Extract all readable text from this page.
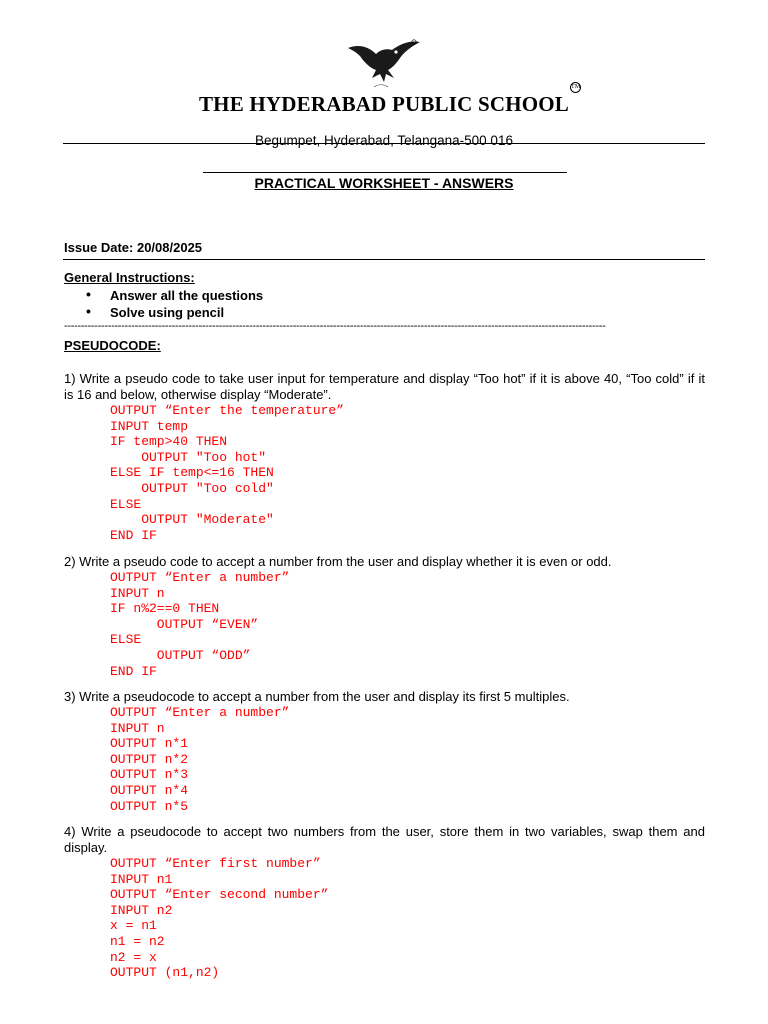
THE HYDERABAD PUBLIC SCHOOL
TM
Begumpet, Hyderabad, Telangana-500 016
PRACTICAL WORKSHEET - ANSWERS
Issue Date: 20/08/2025
General Instructions:
• Answer all the questions
• Solve using pencil
-----------------------------------------------------------------------------------------------------------------------------------------------------------------
PSEUDOCODE:
1) Write a pseudo code to take user input for temperature and display “Too hot” if it is above 40, “Too cold” if it is 16 and below, otherwise display “Moderate”.
OUTPUT “Enter the temperature”
INPUT temp
IF temp>40 THEN
OUTPUT "Too hot"
ELSE IF temp<=16 THEN
OUTPUT "Too cold"
ELSE
OUTPUT "Moderate"
END IF
2) Write a pseudo code to accept a number from the user and display whether it is even or odd.
OUTPUT “Enter a number”
INPUT n
IF n%2==0 THEN
OUTPUT “EVEN”
ELSE
OUTPUT “ODD”
END IF
3) Write a pseudocode to accept a number from the user and display its first 5 multiples.
OUTPUT “Enter a number”
INPUT n
OUTPUT n*1
OUTPUT n*2
OUTPUT n*3
OUTPUT n*4
OUTPUT n*5
4) Write a pseudocode to accept two numbers from the user, store them in two variables, swap them and display.
OUTPUT “Enter first number”
INPUT n1
OUTPUT “Enter second number”
INPUT n2
x = n1
n1 = n2
n2 = x
OUTPUT (n1,n2)
